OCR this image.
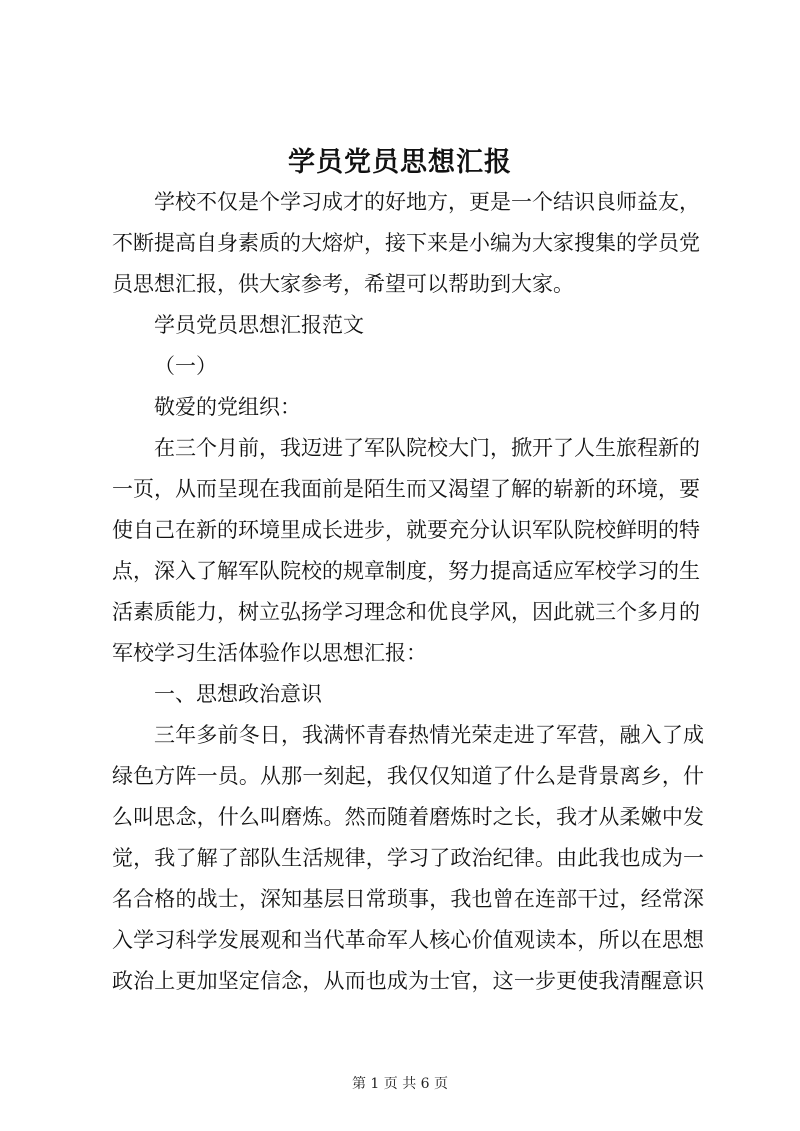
学员党员思想汇报

学校不仅是个学习成才的好地方，更是一个结识良师益友，不断提高自身素质的大熔炉，接下来是小编为大家搜集的学员党员思想汇报，供大家参考，希望可以帮助到大家。

学员党员思想汇报范文

（一）

敬爱的党组织：

在三个月前，我迈进了军队院校大门，掀开了人生旅程新的一页，从而呈现在我面前是陌生而又渴望了解的崭新的环境，要使自己在新的环境里成长进步，就要充分认识军队院校鲜明的特点，深入了解军队院校的规章制度，努力提高适应军校学习的生活素质能力，树立弘扬学习理念和优良学风，因此就三个多月的军校学习生活体验作以思想汇报：

一、思想政治意识

三年多前冬日，我满怀青春热情光荣走进了军营，融入了成绿色方阵一员。从那一刻起，我仅仅知道了什么是背景离乡，什么叫思念，什么叫磨炼。然而随着磨炼时之长，我才从柔嫩中发觉，我了解了部队生活规律，学习了政治纪律。由此我也成为一名合格的战士，深知基层日常琐事，我也曾在连部干过，经常深入学习科学发展观和当代革命军人核心价值观读本，所以在思想政治上更加坚定信念，从而也成为士官，这一步更使我清醒意识

第 1 页 共 6 页
